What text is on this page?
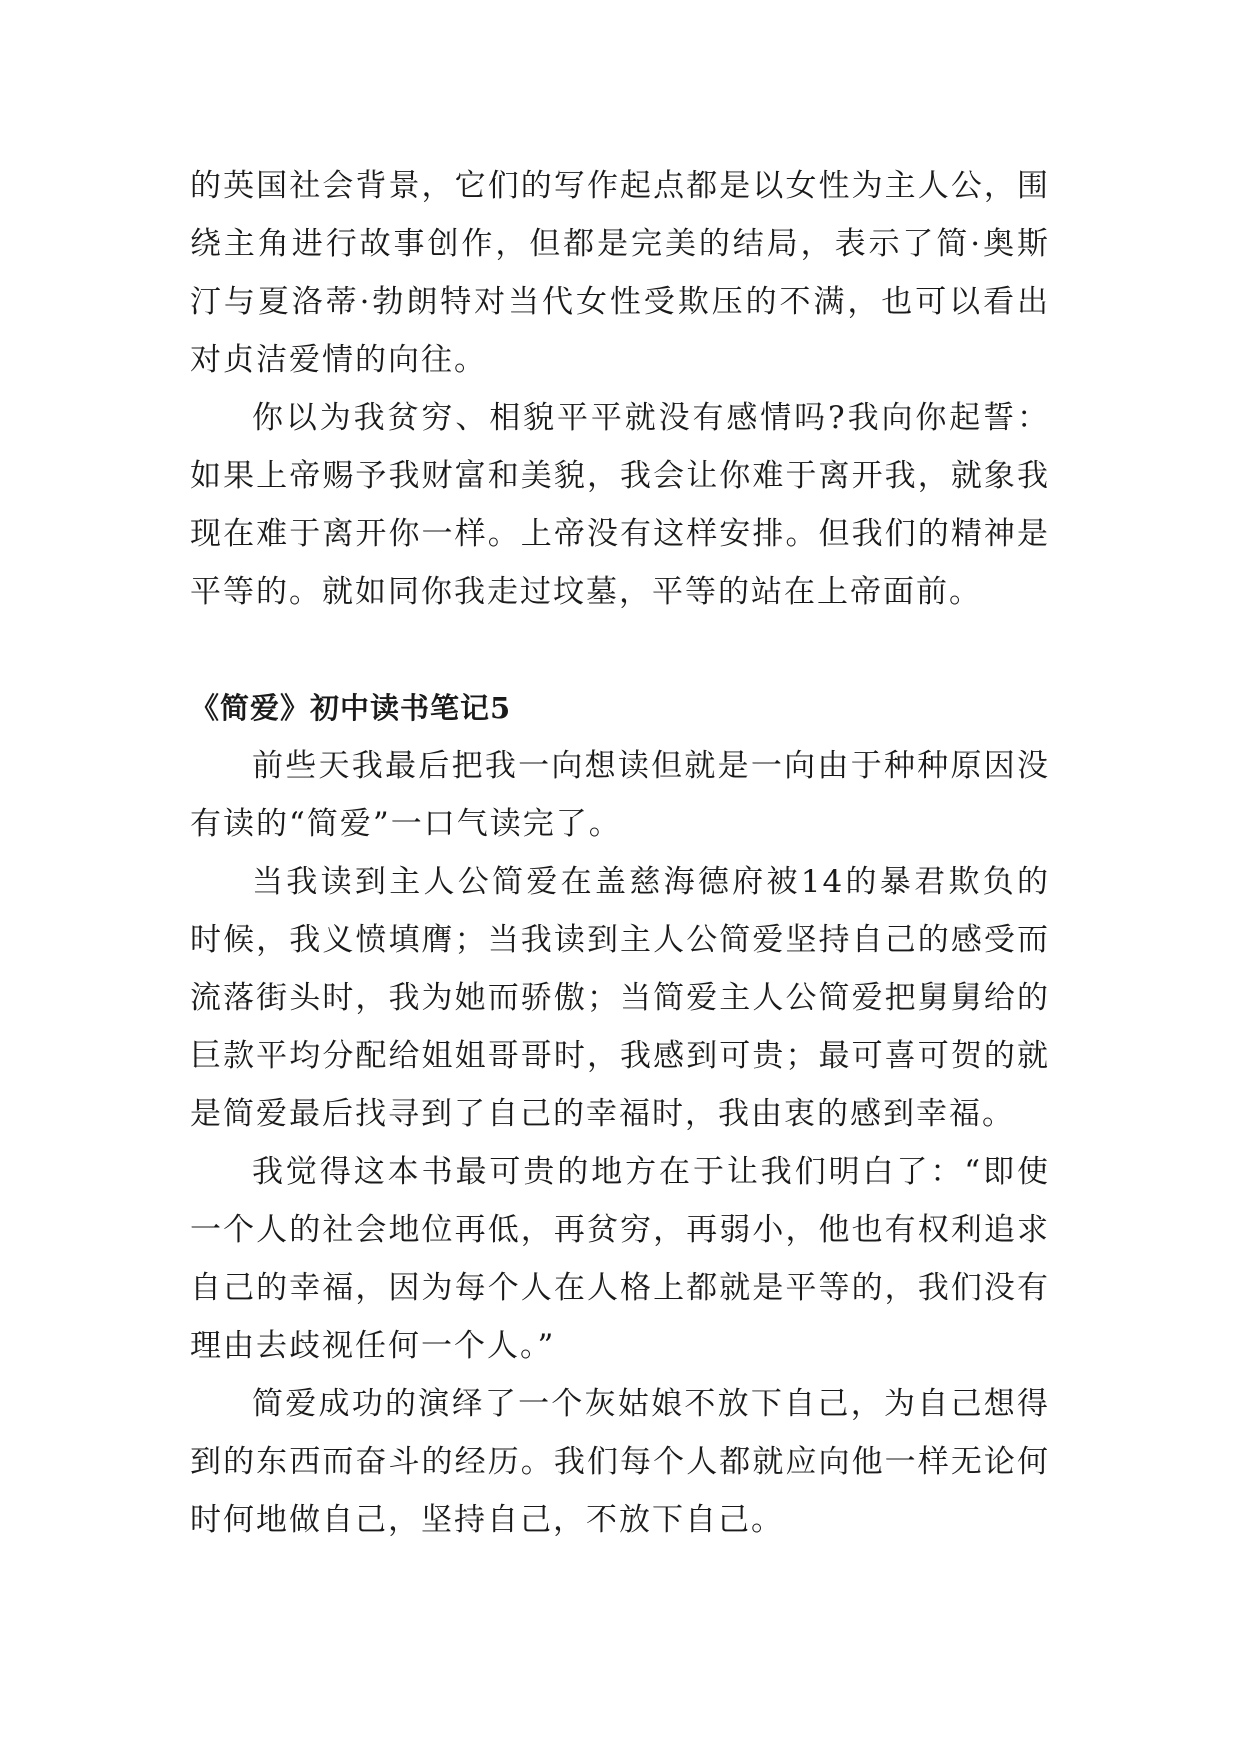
的英国社会背景，它们的写作起点都是以女性为主人公，围绕主角进行故事创作，但都是完美的结局，表示了简·奥斯汀与夏洛蒂·勃朗特对当代女性受欺压的不满，也可以看出对贞洁爱情的向往。

你以为我贫穷、相貌平平就没有感情吗?我向你起誓：如果上帝赐予我财富和美貌，我会让你难于离开我，就象我现在难于离开你一样。上帝没有这样安排。但我们的精神是平等的。就如同你我走过坟墓，平等的站在上帝面前。

《简爱》初中读书笔记5

前些天我最后把我一向想读但就是一向由于种种原因没有读的“简爱”一口气读完了。

当我读到主人公简爱在盖慈海德府被14的暴君欺负的时候，我义愤填膺；当我读到主人公简爱坚持自己的感受而流落街头时，我为她而骄傲；当简爱主人公简爱把舅舅给的巨款平均分配给姐姐哥哥时，我感到可贵；最可喜可贺的就是简爱最后找寻到了自己的幸福时，我由衷的感到幸福。

我觉得这本书最可贵的地方在于让我们明白了：“即使一个人的社会地位再低，再贫穷，再弱小，他也有权利追求自己的幸福，因为每个人在人格上都就是平等的，我们没有理由去歧视任何一个人。”

简爱成功的演绎了一个灰姑娘不放下自己，为自己想得到的东西而奋斗的经历。我们每个人都就应向他一样无论何时何地做自己，坚持自己，不放下自己。
